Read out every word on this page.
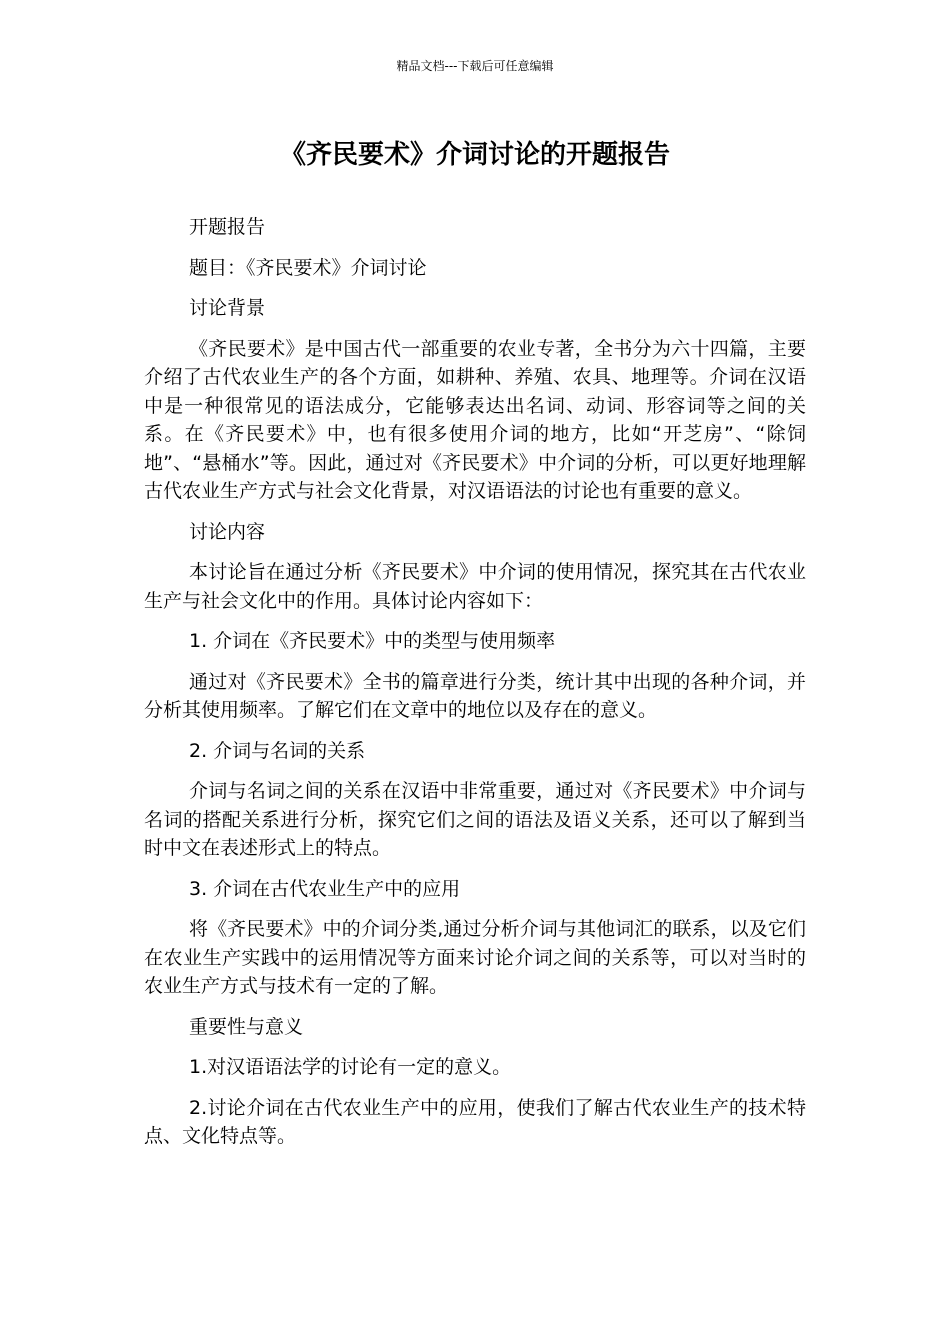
精品文档---下载后可任意编辑
《齐民要术》介词讨论的开题报告

开题报告

题目：《齐民要术》介词讨论

讨论背景

《齐民要术》是中国古代一部重要的农业专著，全书分为六十四篇，主要介绍了古代农业生产的各个方面，如耕种、养殖、农具、地理等。介词在汉语中是一种很常见的语法成分，它能够表达出名词、动词、形容词等之间的关系。在《齐民要术》中，也有很多使用介词的地方，比如“开芝房”、“除饲地”、“悬桶水”等。因此，通过对《齐民要术》中介词的分析，可以更好地理解古代农业生产方式与社会文化背景，对汉语语法的讨论也有重要的意义。

讨论内容

本讨论旨在通过分析《齐民要术》中介词的使用情况，探究其在古代农业生产与社会文化中的作用。具体讨论内容如下：

1. 介词在《齐民要术》中的类型与使用频率

通过对《齐民要术》全书的篇章进行分类，统计其中出现的各种介词，并分析其使用频率。了解它们在文章中的地位以及存在的意义。

2. 介词与名词的关系

介词与名词之间的关系在汉语中非常重要，通过对《齐民要术》中介词与名词的搭配关系进行分析，探究它们之间的语法及语义关系，还可以了解到当时中文在表述形式上的特点。

3. 介词在古代农业生产中的应用

将《齐民要术》中的介词分类,通过分析介词与其他词汇的联系，以及它们在农业生产实践中的运用情况等方面来讨论介词之间的关系等，可以对当时的农业生产方式与技术有一定的了解。

重要性与意义

1.对汉语语法学的讨论有一定的意义。

2.讨论介词在古代农业生产中的应用，使我们了解古代农业生产的技术特点、文化特点等。
